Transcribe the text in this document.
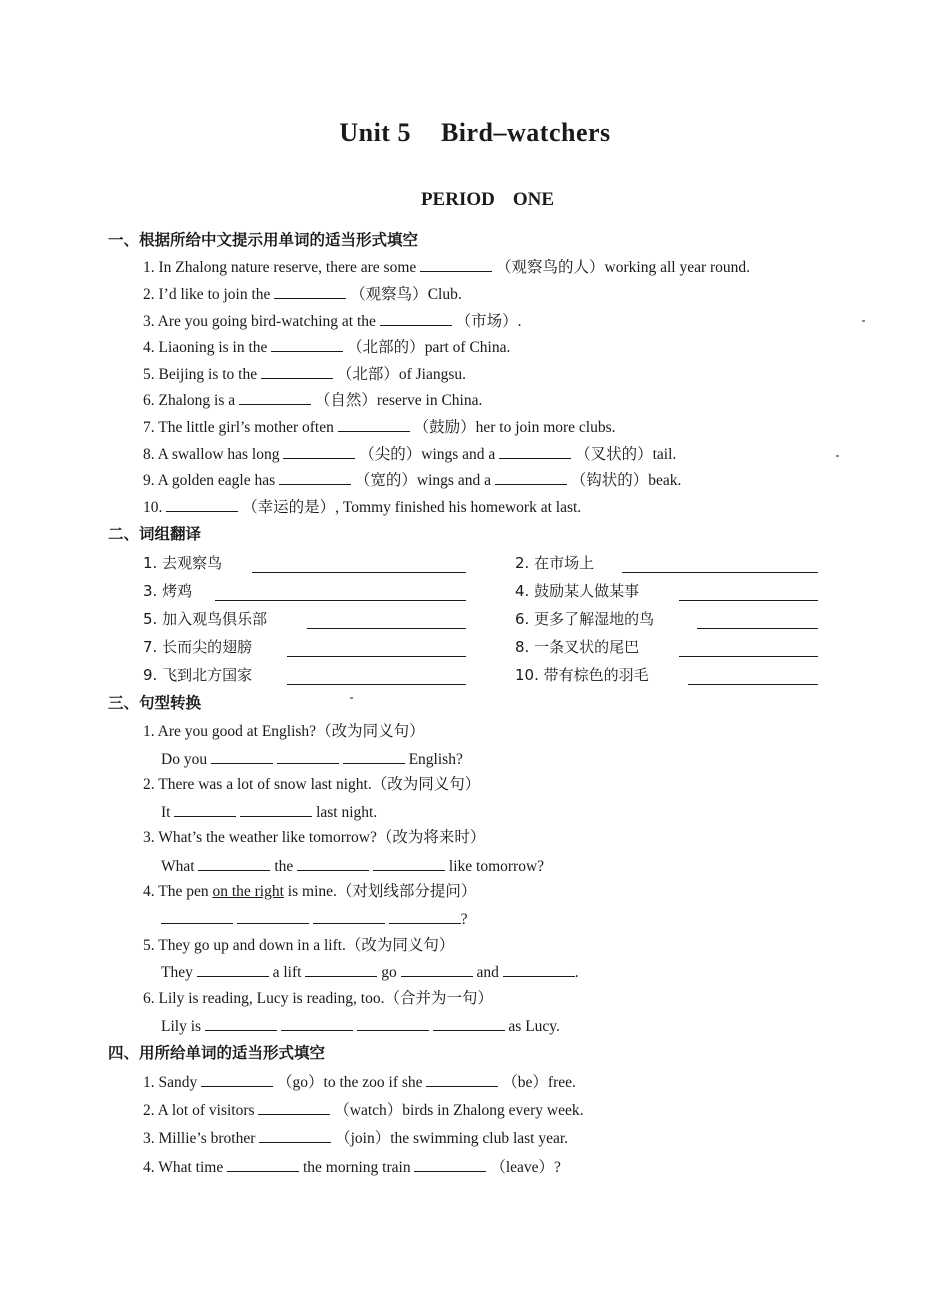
Unit 5 Bird–watchers
PERIOD ONE
一、根据所给中文提示用单词的适当形式填空
1. In Zhalong nature reserve, there are some	（观察鸟的人）working all year round.
2. I’d like to join the	（观察鸟）Club.
3. Are you going bird-watching at the	（市场）.
4. Liaoning is in the	（北部的）part of China.
5. Beijing is to the	（北部）of Jiangsu.
6. Zhalong is a	（自然）reserve in China.
7. The little girl’s mother often	（鼓励）her to join more clubs.
8. A swallow has long	（尖的）wings and a	（叉状的）tail.
9. A golden eagle has	（宽的）wings and a	（钩状的）beak.
10.	（幸运的是）, Tommy finished his homework at last.
二、词组翻译
1. 去观察鸟	2. 在市场上
3. 烤鸡	4. 鼓励某人做某事
5. 加入观鸟俱乐部	6. 更多了解湿地的鸟
7. 长而尖的翅膀	8. 一条叉状的尾巴
9. 飞到北方国家	10. 带有棕色的羽毛
三、句型转换
1. Are you good at English?（改为同义句）
Do you	English?
2. There was a lot of snow last night.（改为同义句）
It	last night.
3. What’s the weather like tomorrow?（改为将来时）
What	the	like tomorrow?
4. The pen on the right is mine.（对划线部分提问）
?
5. They go up and down in a lift.（改为同义句）
They	a lift	go	and	.
6. Lily is reading, Lucy is reading, too.（合并为一句）
Lily is	as Lucy.
四、用所给单词的适当形式填空
1. Sandy	（go）to the zoo if she	（be）free.
2. A lot of visitors	（watch）birds in Zhalong every week.
3. Millie’s brother	（join）the swimming club last year.
4. What time	the morning train	（leave）?
